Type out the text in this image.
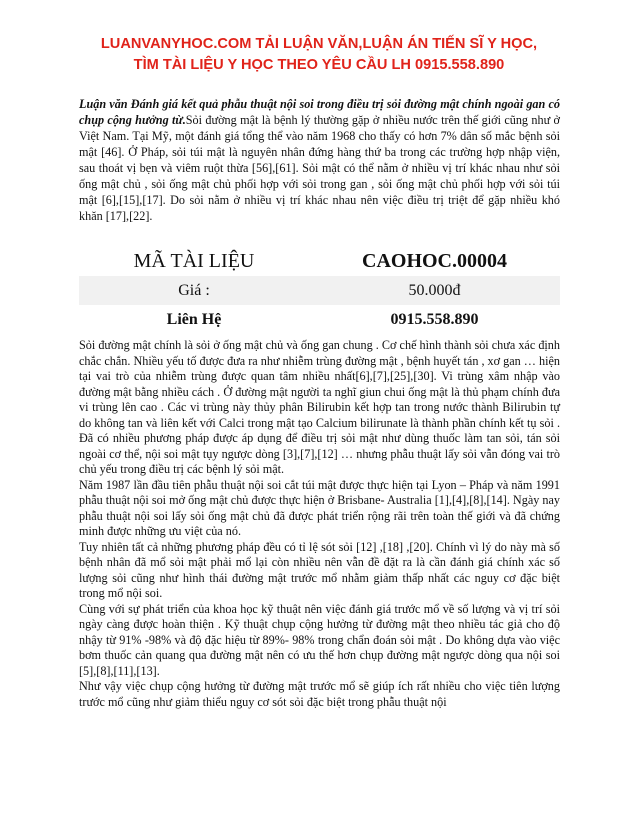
LUANVANYHOC.COM TẢI LUẬN VĂN,LUẬN ÁN TIẾN SĨ Y HỌC,
TÌM TÀI LIỆU Y HỌC THEO YÊU CẦU LH 0915.558.890
Luận văn Đánh giá kết quả phẫu thuật nội soi trong điều trị sỏi đường mật chính ngoài gan có chụp cộng hưởng từ.Sỏi đường mật là bệnh lý thường gặp ở nhiều nước trên thế giới cũng như ở Việt Nam. Tại Mỹ, một đánh giá tổng thể vào năm 1968 cho thấy có hơn 7% dân số mắc bệnh sỏi mật [46]. Ở Pháp, sỏi túi mật là nguyên nhân đứng hàng thứ ba trong các trường hợp nhập viện, sau thoát vị bẹn và viêm ruột thừa [56],[61]. Sỏi mật có thể nằm ở nhiều vị trí khác nhau như sỏi ống mật chủ , sỏi ống mật chủ phối hợp với sỏi trong gan , sỏi ống mật chủ phối hợp với sỏi túi mật [6],[15],[17]. Do sỏi nằm ở nhiều vị trí khác nhau nên việc điều trị triệt để gặp nhiều khó khăn [17],[22].
MÃ TÀI LIỆU	CAOHOC.00004
Giá :	50.000đ
Liên Hệ	0915.558.890

Sỏi đường mật chính là sỏi ở ống mật chủ và ống gan chung . Cơ chế hình thành sỏi chưa xác định chắc chắn. Nhiều yếu tố được đưa ra như nhiễm trùng đường mật , bệnh huyết tán , xơ gan … hiện tại vai trò của nhiễm trùng được quan tâm nhiều nhất[6],[7],[25],[30]. Vi trùng xâm nhập vào đường mật bằng nhiều cách . Ở đường mật người ta nghĩ giun chui ống mật là thủ phạm chính đưa vi trùng lên cao . Các vi trùng này thủy phân Bilirubin kết hợp tan trong nước thành Bilirubin tự do không tan và liên kết với Calci trong mật tạo Calcium bilirunate là thành phần chính kết tụ sỏi . Đã có nhiều phương pháp được áp dụng để điều trị sỏi mật như dùng thuốc làm tan sỏi, tán sỏi ngoài cơ thể, nội soi mật tụy ngược dòng [3],[7],[12] … nhưng phẫu thuật lấy sỏi vẫn đóng vai trò chủ yếu trong điều trị các bệnh lý sỏi mật.

Năm 1987 lần đầu tiên phẫu thuật nội soi cắt túi mật được thực hiện tại Lyon – Pháp và năm 1991 phẫu thuật nội soi mở ống mật chủ được thực hiện ở Brisbane- Australia [1],[4],[8],[14]. Ngày nay phẫu thuật nội soi lấy sỏi ống mật chủ đã được phát triển rộng rãi trên toàn thế giới và đã chứng minh được những ưu việt của nó.

Tuy nhiên tất cả những phương pháp đều có tỉ lệ sót sỏi [12] ,[18] ,[20]. Chính vì lý do này mà số bệnh nhân đã mổ sỏi mật phải mổ lại còn nhiều nên vẫn đề đặt ra là cần đánh giá chính xác số lượng sỏi cũng như hình thái đường mật trước mổ nhằm giảm thấp nhất các nguy cơ đặc biệt trong mổ nội soi.

Cùng với sự phát triển của khoa học kỹ thuật nên việc đánh giá trước mổ về số lượng và vị trí sỏi ngày càng được hoàn thiện . Kỹ thuật chụp cộng hưởng từ đường mật theo nhiều tác giả cho độ nhậy từ 91% -98% và độ đặc hiệu từ 89%- 98% trong chẩn đoán sỏi mật . Do không dựa vào việc bơm thuốc cản quang qua đường mật nên có ưu thế hơn chụp đường mật ngược dòng qua nội soi [5],[8],[11],[13].

Như vậy việc chụp cộng hưởng từ đường mật trước mổ sẽ giúp ích rất nhiều cho việc tiên lượng trước mổ cũng như giảm thiểu nguy cơ sót sỏi đặc biệt trong phẫu thuật nội
